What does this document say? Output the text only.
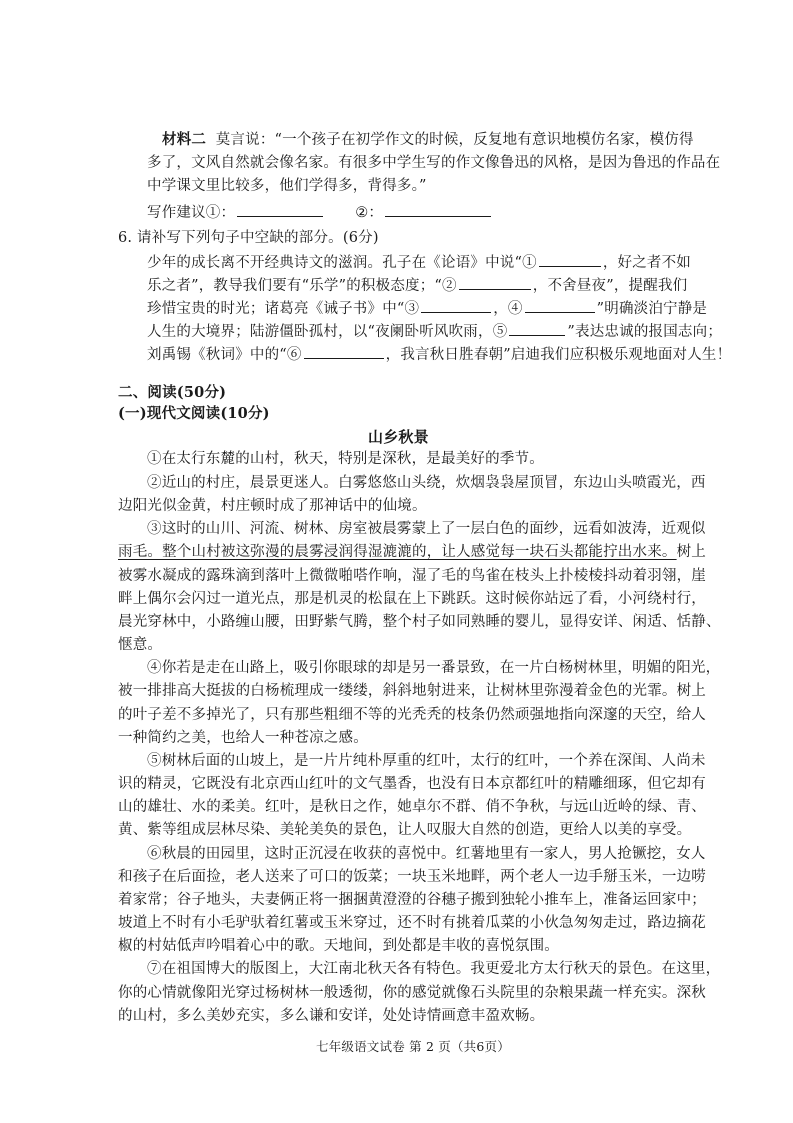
材料二 莫言说：“一个孩子在初学作文的时候，反复地有意识地模仿名家，模仿得
多了，文风自然就会像名家。有很多中学生写的作文像鲁迅的风格，是因为鲁迅的作品在
中学课文里比较多，他们学得多，背得多。”
写作建议①：	②：
6. 请补写下列句子中空缺的部分。(6分)
少年的成长离不开经典诗文的滋润。孔子在《论语》中说“①	，好之者不如
乐之者”，教导我们要有“乐学”的积极态度；“②	，不舍昼夜”，提醒我们
珍惜宝贵的时光；诸葛亮《诫子书》中“③	，④	”明确淡泊宁静是
人生的大境界；陆游僵卧孤村，以“夜阑卧听风吹雨，⑤	”表达忠诚的报国志向；
刘禹锡《秋词》中的“⑥	，我言秋日胜春朝”启迪我们应积极乐观地面对人生！
二、阅读(50分)
(一)现代文阅读(10分)
山乡秋景
①在太行东麓的山村，秋天，特别是深秋，是最美好的季节。
②近山的村庄，晨景更迷人。白雾悠悠山头绕，炊烟袅袅屋顶冒，东边山头喷霞光，西
边阳光似金黄，村庄顿时成了那神话中的仙境。
③这时的山川、河流、树林、房室被晨雾蒙上了一层白色的面纱，远看如波涛，近观似
雨毛。整个山村被这弥漫的晨雾浸润得湿漉漉的，让人感觉每一块石头都能拧出水来。树上
被雾水凝成的露珠滴到落叶上微微啪嗒作响，湿了毛的鸟雀在枝头上扑棱棱抖动着羽翎，崖
畔上偶尔会闪过一道光点，那是机灵的松鼠在上下跳跃。这时候你站远了看，小河绕村行，
晨光穿林中，小路缠山腰，田野紫气腾，整个村子如同熟睡的婴儿，显得安详、闲适、恬静、
惬意。
④你若是走在山路上，吸引你眼球的却是另一番景致，在一片白杨树林里，明媚的阳光，
被一排排高大挺拔的白杨梳理成一缕缕，斜斜地射进来，让树林里弥漫着金色的光霏。树上
的叶子差不多掉光了，只有那些粗细不等的光秃秃的枝条仍然顽强地指向深邃的天空，给人
一种简约之美，也给人一种苍凉之感。
⑤树林后面的山坡上，是一片片纯朴厚重的红叶，太行的红叶，一个养在深闺、人尚未
识的精灵，它既没有北京西山红叶的文气墨香，也没有日本京都红叶的精雕细琢，但它却有
山的雄壮、水的柔美。红叶，是秋日之作，她卓尔不群、俏不争秋，与远山近岭的绿、青、
黄、紫等组成层林尽染、美轮美奂的景色，让人叹服大自然的创造，更给人以美的享受。
⑥秋晨的田园里，这时正沉浸在收获的喜悦中。红薯地里有一家人，男人抢镢挖，女人
和孩子在后面捡，老人送来了可口的饭菜；一块玉米地畔，两个老人一边手掰玉米，一边唠
着家常；谷子地头，夫妻俩正将一捆捆黄澄澄的谷穗子搬到独轮小推车上，准备运回家中；
坡道上不时有小毛驴驮着红薯或玉米穿过，还不时有挑着瓜菜的小伙急匆匆走过，路边摘花
椒的村姑低声吟唱着心中的歌。天地间，到处都是丰收的喜悦氛围。
⑦在祖国博大的版图上，大江南北秋天各有特色。我更爱北方太行秋天的景色。在这里，
你的心情就像阳光穿过杨树林一般透彻，你的感觉就像石头院里的杂粮果蔬一样充实。深秋
的山村，多么美妙充实，多么谦和安详，处处诗情画意丰盈欢畅。
七年级语文试卷 第 2 页（共6页）
